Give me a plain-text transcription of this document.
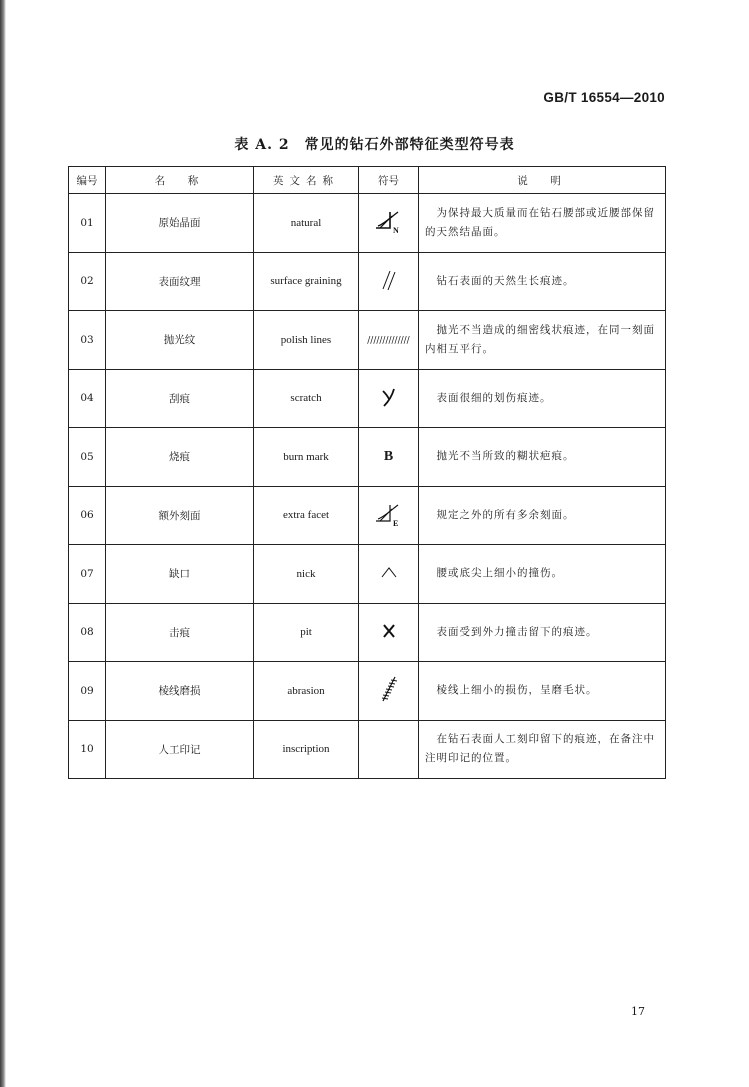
GB/T 16554—2010
表 A. 2　常见的钻石外部特征类型符号表
编号	名　称	英文名称	符号	说　明
01	原始晶面	natural	N	　为保持最大质量而在钻石腰部或近腰部保留的天然结晶面。
02	表面纹理	surface graining		　钻石表面的天然生长痕迹。
03	抛光纹	polish lines	//////////////	　抛光不当造成的细密线状痕迹，在同一刻面内相互平行。
04	刮痕	scratch		　表面很细的划伤痕迹。
05	烧痕	burn mark	B	　抛光不当所致的糊状疤痕。
06	额外刻面	extra facet	E	　规定之外的所有多余刻面。
07	缺口	nick		　腰或底尖上细小的撞伤。
08	击痕	pit		　表面受到外力撞击留下的痕迹。
09	棱线磨损	abrasion		　棱线上细小的损伤，呈磨毛状。
10	人工印记	inscription		　在钻石表面人工刻印留下的痕迹，在备注中注明印记的位置。
17
